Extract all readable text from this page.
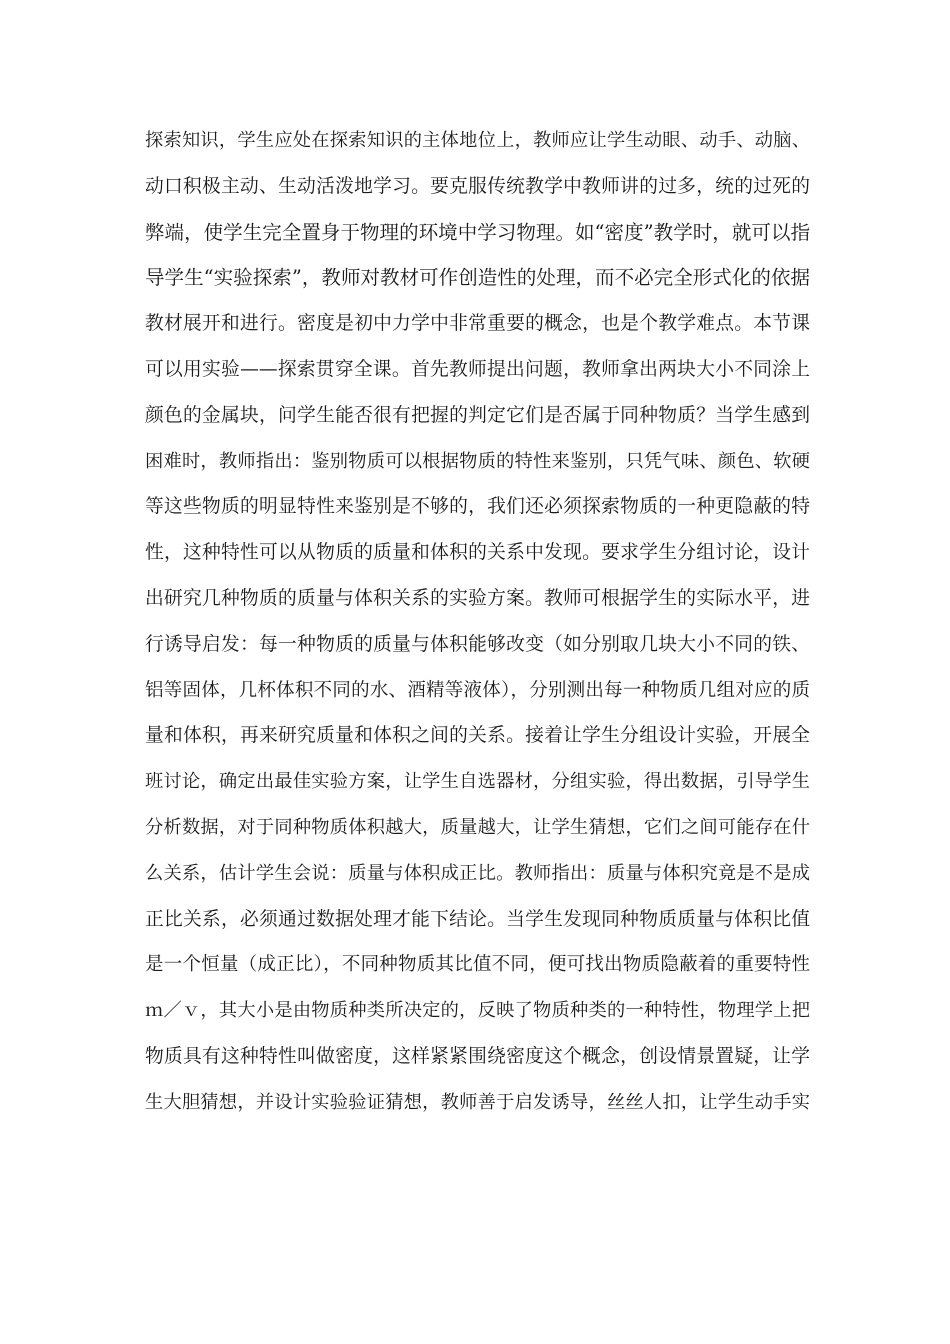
探索知识，学生应处在探索知识的主体地位上，教师应让学生动眼、动手、动脑、
动口积极主动、生动活泼地学习。要克服传统教学中教师讲的过多，统的过死的
弊端，使学生完全置身于物理的环境中学习物理。如“密度”教学时，就可以指
导学生“实验探索”，教师对教材可作创造性的处理，而不必完全形式化的依据
教材展开和进行。密度是初中力学中非常重要的概念，也是个教学难点。本节课
可以用实验——探索贯穿全课。首先教师提出问题，教师拿出两块大小不同涂上
颜色的金属块，问学生能否很有把握的判定它们是否属于同种物质？当学生感到
困难时，教师指出：鉴别物质可以根据物质的特性来鉴别，只凭气味、颜色、软硬
等这些物质的明显特性来鉴别是不够的，我们还必须探索物质的一种更隐蔽的特
性，这种特性可以从物质的质量和体积的关系中发现。要求学生分组讨论，设计
出研究几种物质的质量与体积关系的实验方案。教师可根据学生的实际水平，进
行诱导启发：每一种物质的质量与体积能够改变（如分别取几块大小不同的铁、
铝等固体，几杯体积不同的水、酒精等液体），分别测出每一种物质几组对应的质
量和体积，再来研究质量和体积之间的关系。接着让学生分组设计实验，开展全
班讨论，确定出最佳实验方案，让学生自选器材，分组实验，得出数据，引导学生
分析数据，对于同种物质体积越大，质量越大，让学生猜想，它们之间可能存在什
么关系，估计学生会说：质量与体积成正比。教师指出：质量与体积究竟是不是成
正比关系，必须通过数据处理才能下结论。当学生发现同种物质质量与体积比值
是一个恒量（成正比），不同种物质其比值不同，便可找出物质隐蔽着的重要特性
ｍ／ｖ，其大小是由物质种类所决定的，反映了物质种类的一种特性，物理学上把
物质具有这种特性叫做密度，这样紧紧围绕密度这个概念，创设情景置疑，让学
生大胆猜想，并设计实验验证猜想，教师善于启发诱导，丝丝人扣，让学生动手实
